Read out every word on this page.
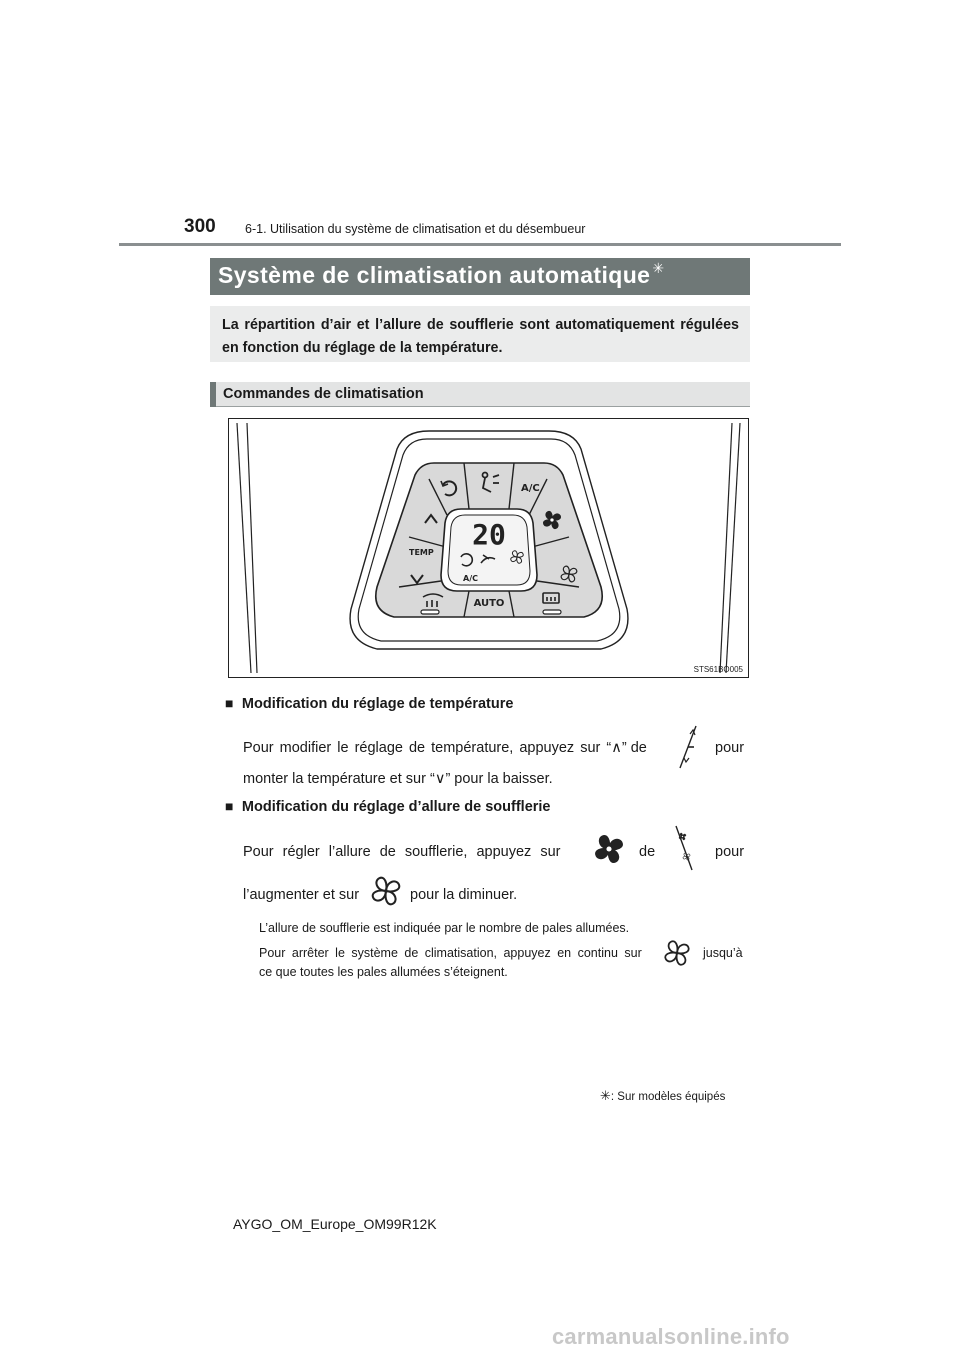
300 6-1. Utilisation du système de climatisation et du désembueur
Système de climatisation automatique ✳
La répartition d’air et l’allure de soufflerie sont automatiquement régulées en fonction du réglage de la température.
Commandes de climatisation
20
A/C
A/C
TEMP
AUTO
STS61BO005
■ Modification du réglage de température
Pour modifier le réglage de température, appuyez sur “∧” de	pour
monter la température et sur “∨” pour la baisser.
■ Modification du réglage d’allure de soufflerie
Pour régler l’allure de soufflerie, appuyez sur	de	pour
l’augmenter et sur	pour la diminuer.
L’allure de soufflerie est indiquée par le nombre de pales allumées.
Pour arrêter le système de climatisation, appuyez en continu sur	jusqu’à
ce que toutes les pales allumées s’éteignent.
✳: Sur modèles équipés
AYGO_OM_Europe_OM99R12K
carmanualsonline.info
